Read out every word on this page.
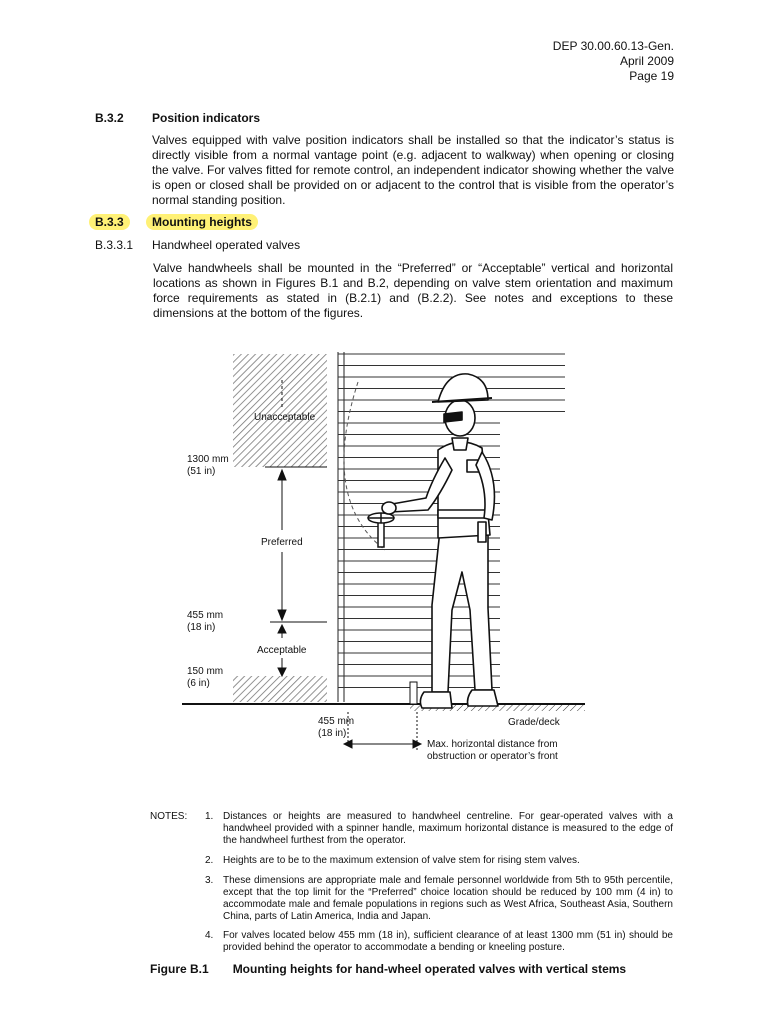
DEP 30.00.60.13-Gen.
April 2009
Page 19
B.3.2 Position indicators
Valves equipped with valve position indicators shall be installed so that the indicator’s status is directly visible from a normal vantage point (e.g. adjacent to walkway) when opening or closing the valve. For valves fitted for remote control, an independent indicator showing whether the valve is open or closed shall be provided on or adjacent to the control that is visible from the operator’s normal standing position.
B.3.3	Mounting heights
B.3.3.1 Handwheel operated valves
Valve handwheels shall be mounted in the “Preferred” or “Acceptable” vertical and horizontal locations as shown in Figures B.1 and B.2, depending on valve stem orientation and maximum force requirements as stated in (B.2.1) and (B.2.2). See notes and exceptions to these dimensions at the bottom of the figures.
Unacceptable
Preferred
Acceptable
1300 mm
(51 in)
455 mm
(18 in)
150 mm
(6 in)
455 mm
(18 in)
Grade/deck
Max. horizontal distance from
obstruction or operator’s front
NOTES: 1. Distances or heights are measured to handwheel centreline. For gear-operated valves with a handwheel provided with a spinner handle, maximum horizontal distance is measured to the edge of the handwheel furthest from the operator.
2. Heights are to be to the maximum extension of valve stem for rising stem valves.
3. These dimensions are appropriate male and female personnel worldwide from 5th to 95th percentile, except that the top limit for the “Preferred” choice location should be reduced by 100 mm (4 in) to accommodate male and female populations in regions such as West Africa, Southeast Asia, Southern China, parts of Latin America, India and Japan.
4. For valves located below 455 mm (18 in), sufficient clearance of at least 1300 mm (51 in) should be provided behind the operator to accommodate a bending or kneeling posture.
Figure B.1 Mounting heights for hand-wheel operated valves with vertical stems
